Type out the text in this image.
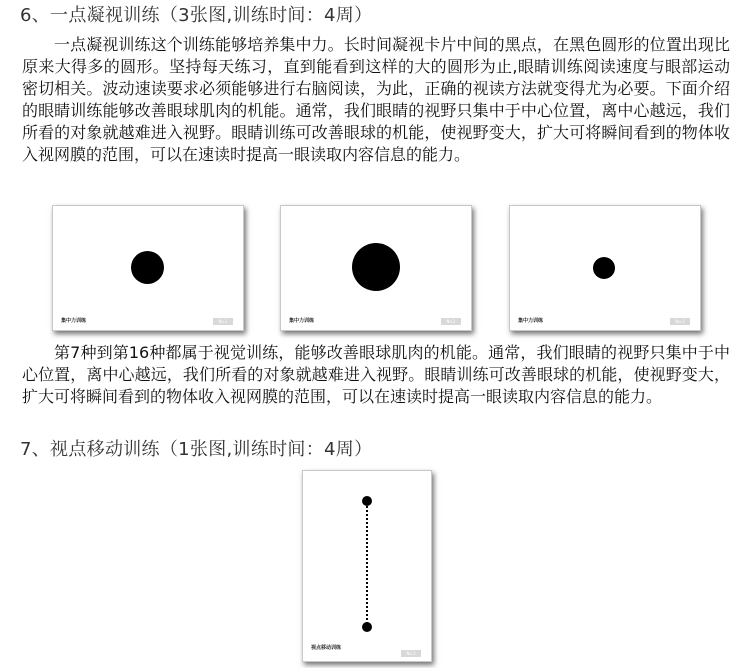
6、一点凝视训练（3张图,训练时间：4周）

一点凝视训练这个训练能够培养集中力。长时间凝视卡片中间的黑点，在黑色圆形的位置出现比原来大得多的圆形。坚持每天练习，直到能看到这样的大的圆形为止,眼睛训练阅读速度与眼部运动密切相关。波动速读要求必须能够进行右脑阅读，为此，正确的视读方法就变得尤为必要。下面介绍的眼睛训练能够改善眼球肌肉的机能。通常，我们眼睛的视野只集中于中心位置，离中心越远，我们所看的对象就越难进入视野。眼睛训练可改善眼球的机能，使视野变大，扩大可将瞬间看到的物体收入视网膜的范围，可以在速读时提高一眼读取内容信息的能力。

集中力训练	No.1	集中力训练	No.2	集中力训练	No.3

第7种到第16种都属于视觉训练，能够改善眼球肌肉的机能。通常，我们眼睛的视野只集中于中心位置，离中心越远，我们所看的对象就越难进入视野。眼睛训练可改善眼球的机能，使视野变大，扩大可将瞬间看到的物体收入视网膜的范围，可以在速读时提高一眼读取内容信息的能力。

7、视点移动训练（1张图,训练时间：4周）
视点移动训练
No.1
